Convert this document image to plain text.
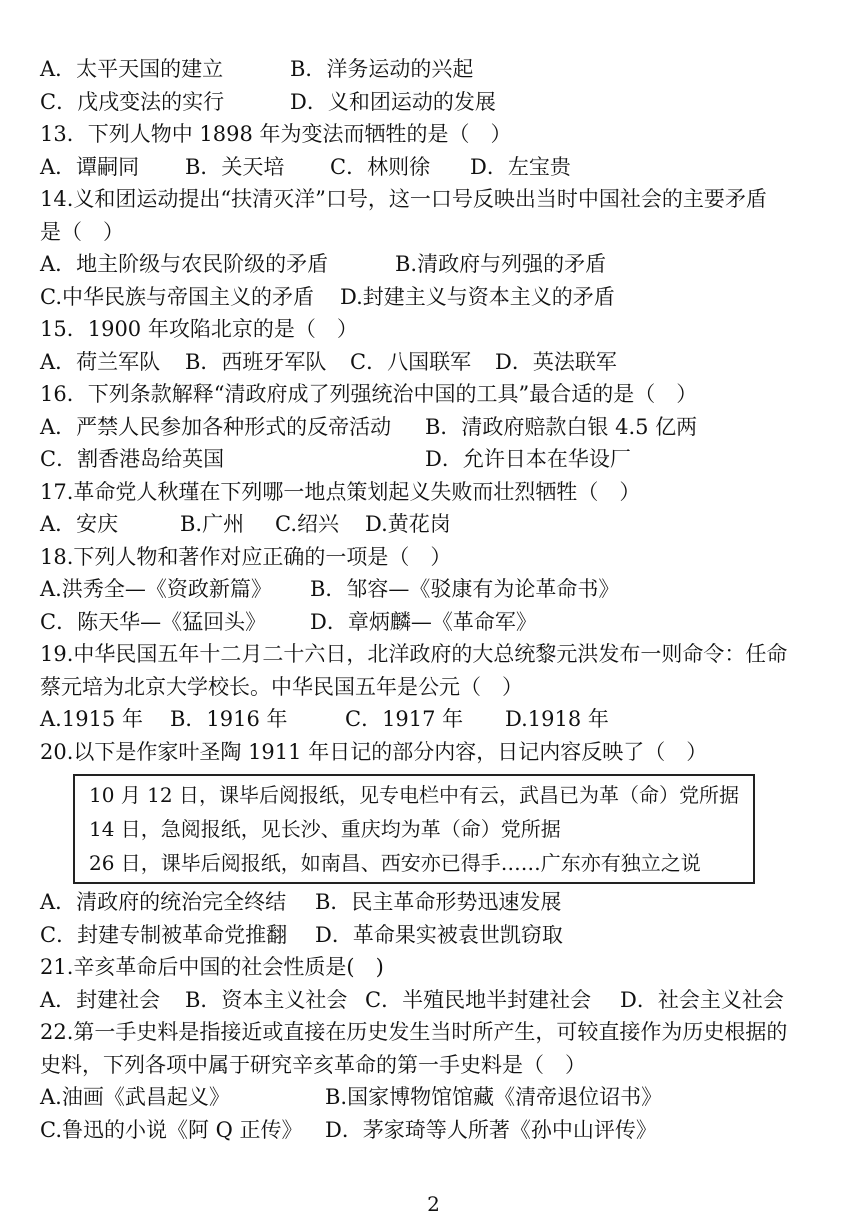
A．太平天国的建立	B．洋务运动的兴起
C．戊戌变法的实行	D．义和团运动的发展
13．下列人物中 1898 年为变法而牺牲的是（　）
A．谭嗣同 B．关天培 C．林则徐 D．左宝贵
14.义和团运动提出“扶清灭洋”口号，这一口号反映出当时中国社会的主要矛盾
是（　）
A．地主阶级与农民阶级的矛盾	B.清政府与列强的矛盾
C.中华民族与帝国主义的矛盾 D.封建主义与资本主义的矛盾
15．1900 年攻陷北京的是（　）
A．荷兰军队 B．西班牙军队 C．八国联军 D．英法联军
16．下列条款解释“清政府成了列强统治中国的工具”最合适的是（　）
A．严禁人民参加各种形式的反帝活动 B．清政府赔款白银 4.5 亿两
C．割香港岛给英国	D．允许日本在华设厂
17.革命党人秋瑾在下列哪一地点策划起义失败而壮烈牺牲（　）
A．安庆	B.广州 C.绍兴 D.黄花岗
18.下列人物和著作对应正确的一项是（　）
A.洪秀全—《资政新篇》 B．邹容—《驳康有为论革命书》
C．陈天华—《猛回头》 D．章炳麟—《革命军》
19.中华民国五年十二月二十六日，北洋政府的大总统黎元洪发布一则命令：任命
蔡元培为北京大学校长。中华民国五年是公元（　）
A.1915 年 B．1916 年	C．1917 年 D.1918 年
20.以下是作家叶圣陶 1911 年日记的部分内容，日记内容反映了（　）
10 月 12 日，课毕后阅报纸，见专电栏中有云，武昌已为革（命）党所据
14 日，急阅报纸，见长沙、重庆均为革（命）党所据
26 日，课毕后阅报纸，如南昌、西安亦已得手……广东亦有独立之说
A．清政府的统治完全终结 B．民主革命形势迅速发展
C．封建专制被革命党推翻 D．革命果实被袁世凯窃取
21.辛亥革命后中国的社会性质是(　)
A．封建社会 B．资本主义社会 C．半殖民地半封建社会 D．社会主义社会
22.第一手史料是指接近或直接在历史发生当时所产生，可较直接作为历史根据的
史料，下列各项中属于研究辛亥革命的第一手史料是（　）
A.油画《武昌起义》	B.国家博物馆馆藏《清帝退位诏书》
C.鲁迅的小说《阿 Q 正传》 D．茅家琦等人所著《孙中山评传》
2
